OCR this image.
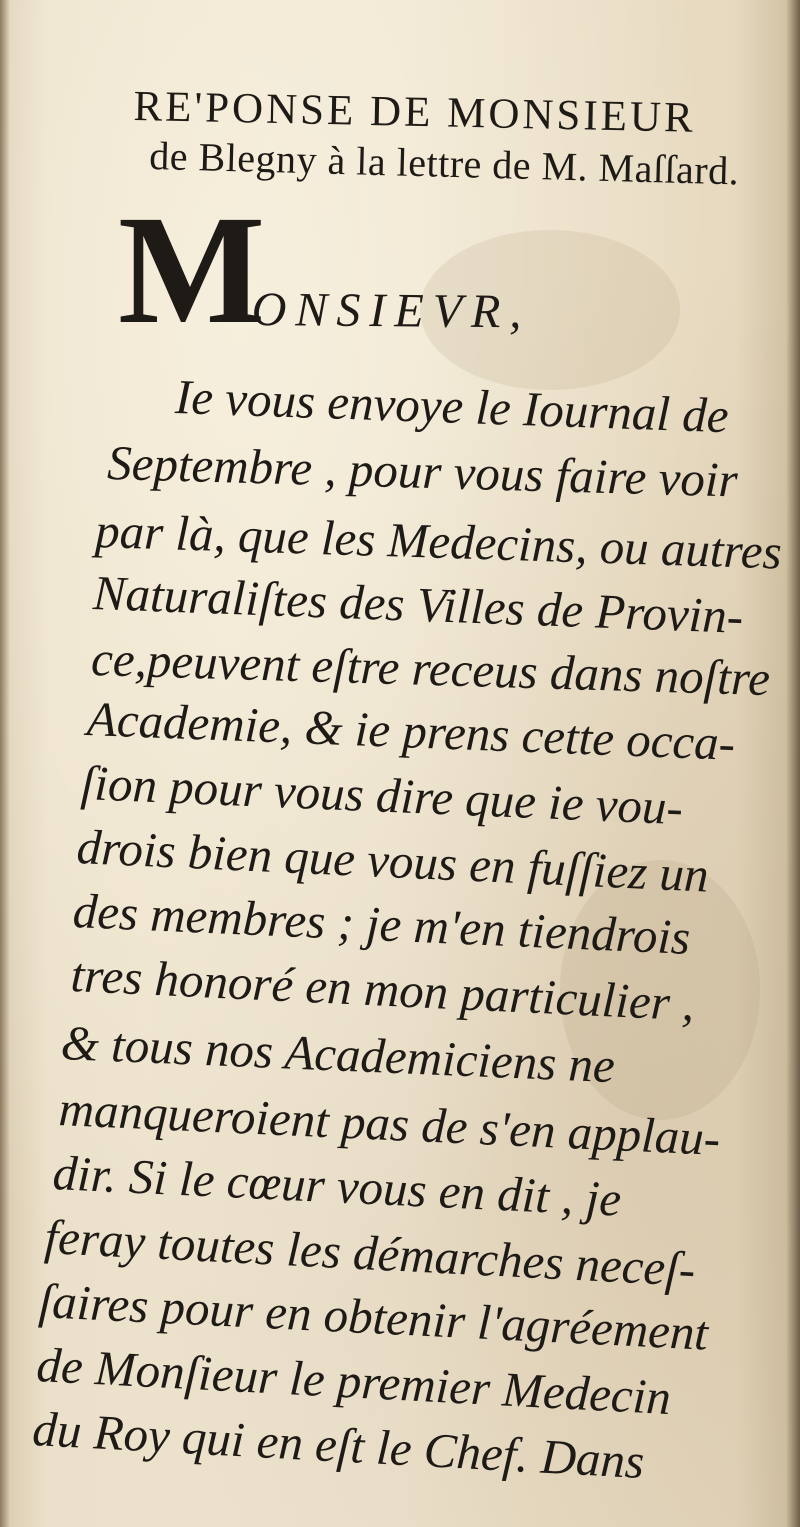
RE'PONSE DE MONSIEUR
de Blegny à la lettre de M. Maſſard.
M
ONSIEVR,
Ie vous envoye le Iournal de
Septembre , pour vous faire voir
par là, que les Medecins, ou autres
Naturaliſtes des Villes de Provin-
ce,peuvent eſtre receus dans noſtre
Academie, & ie prens cette occa-
ſion pour vous dire que ie vou-
drois bien que vous en fuſſiez un
des membres ; je m'en tiendrois
tres honoré en mon particulier ,
& tous nos Academiciens ne
manqueroient pas de s'en applau-
dir. Si le cœur vous en dit , je
feray toutes les démarches neceſ-
ſaires pour en obtenir l'agréement
de Monſieur le premier Medecin
du Roy qui en eſt le Chef. Dans
